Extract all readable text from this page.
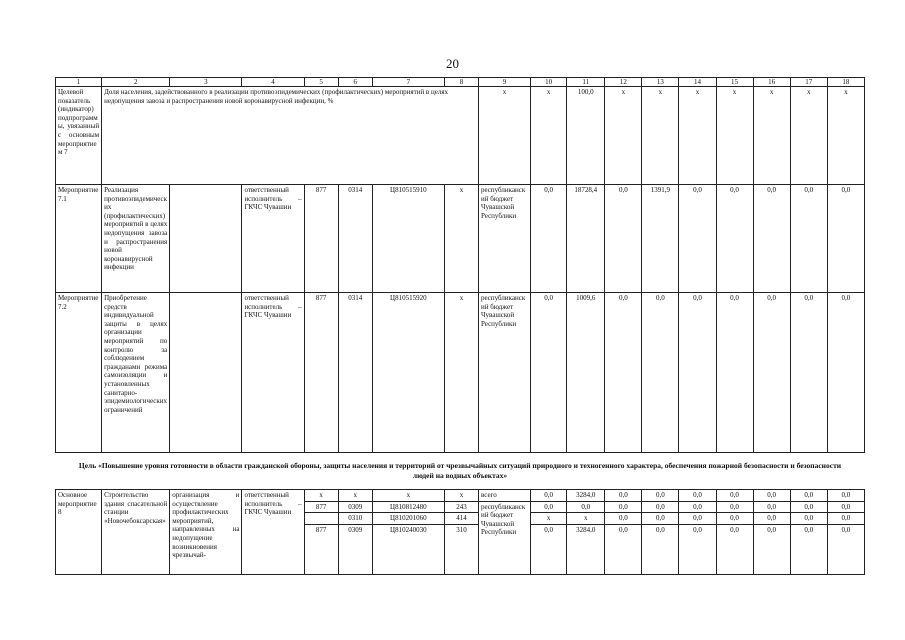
20
1	2	3	4	5	6	7	8	9	10	11	12	13	14	15	16	17	18
Целевой показатель (индикатор) подпрограммы, увязанный с основным мероприятием 7	Доля населения, задействованного в реализации противоэпидемических (профилактических) мероприятий в целях недопущения завоза и распространения новой коронавирусной инфекции, %							x	x	100,0	x	x	x	x	x	x	x
Мероприятие 7.1	Реализация противоэпидемических (профилактических) мероприятий в целях недопущения завоза и распространения новой коронавирусной инфекции		ответственный исполнитель – ГКЧС Чувашии	877	0314	Ц810515910	х	республиканский бюджет Чувашской Республики	0,0	18728,4	0,0	1391,9	0,0	0,0	0,0	0,0	0,0
Мероприятие 7.2	Приобретение средств индивидуальной защиты в целях организации мероприятий по контролю за соблюдением гражданами режима самоизоляции и установленных санитарно-эпидемиологических ограничений		ответственный исполнитель – ГКЧС Чувашии	877	0314	Ц810515920	х	республиканский бюджет Чувашской Республики	0,0	1009,6	0,0	0,0	0,0	0,0	0,0	0,0	0,0
Цель «Повышение уровня готовности в области гражданской обороны, защиты населения и территорий от чрезвычайных ситуаций природного и техногенного характера, обеспечения пожарной безопасности и безопасности людей на водных объектах»																	
Основное мероприятие 8	Строительство здания спасательной станции «Новочебоксарская»	организация и осуществление профилактических мероприятий, направленных на недопущение возникновения чрезвычай-	ответственный исполнитель – ГКЧС Чувашии	х	х	х	х	всего	0,0	3284,0	0,0	0,0	0,0	0,0	0,0	0,0	0,0
				877	0309	Ц810812480	243	республиканский бюджет Чувашской Республики	0,0	0,0	0,0	0,0	0,0	0,0	0,0	0,0	0,0
					0310	Ц810201060	414		х	х	0,0	0,0	0,0	0,0	0,0	0,0	0,0
				877	0309	Ц810240030	310		0,0	3284,0	0,0	0,0	0,0	0,0	0,0	0,0	0,0
